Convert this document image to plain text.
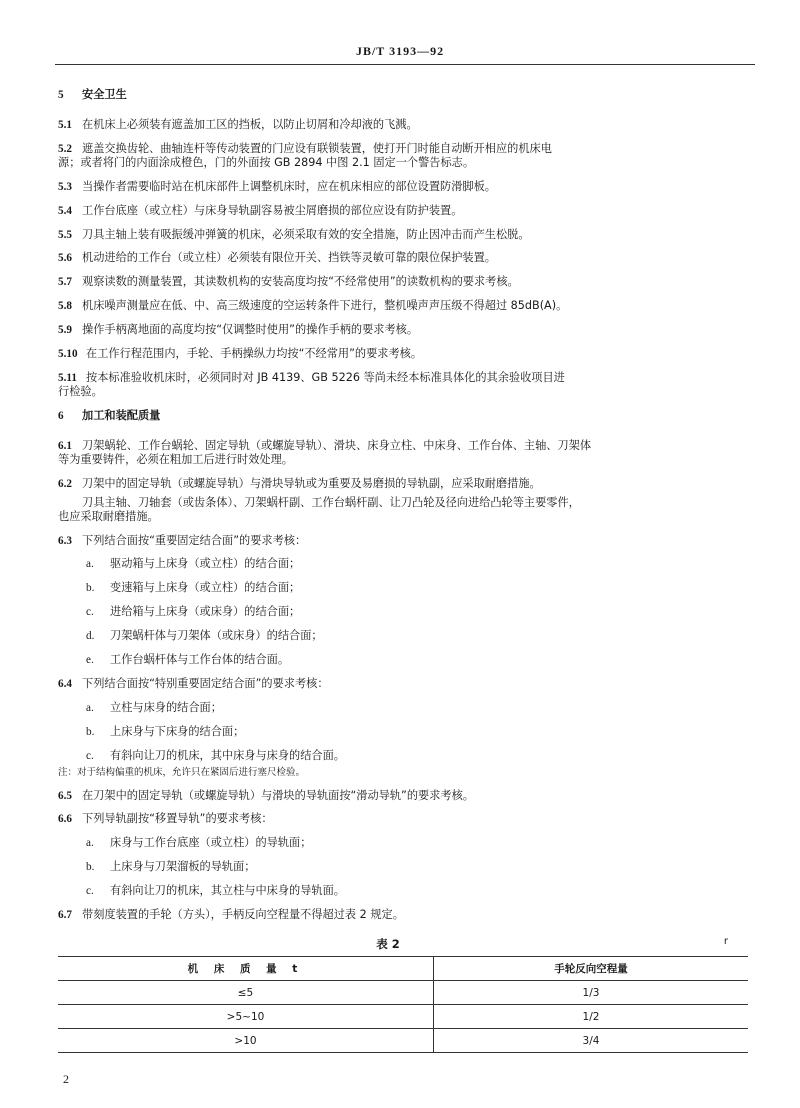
JB/T 3193—92

5 安全卫生

5.1 在机床上必须装有遮盖加工区的挡板，以防止切屑和冷却液的飞溅。

5.2 遮盖交换齿轮、曲轴连杆等传动装置的门应设有联锁装置，使打开门时能自动断开相应的机床电

源；或者将门的内面涂成橙色，门的外面按 GB 2894 中图 2.1 固定一个警告标志。

5.3 当操作者需要临时站在机床部件上调整机床时，应在机床相应的部位设置防滑脚板。

5.4 工作台底座（或立柱）与床身导轨副容易被尘屑磨损的部位应设有防护装置。

5.5 刀具主轴上装有吸振缓冲弹簧的机床，必须采取有效的安全措施，防止因冲击而产生松脱。

5.6 机动进给的工作台（或立柱）必须装有限位开关、挡铁等灵敏可靠的限位保护装置。

5.7 观察读数的测量装置，其读数机构的安装高度均按“不经常使用”的读数机构的要求考核。

5.8 机床噪声测量应在低、中、高三级速度的空运转条件下进行，整机噪声声压级不得超过 85dB(A)。

5.9 操作手柄离地面的高度均按“仅调整时使用”的操作手柄的要求考核。

5.10 在工作行程范围内，手轮、手柄操纵力均按“不经常用”的要求考核。

5.11 按本标准验收机床时，必须同时对 JB 4139、GB 5226 等尚未经本标准具体化的其余验收项目进

行检验。

6 加工和装配质量

6.1 刀架蜗轮、工作台蜗轮、固定导轨（或螺旋导轨）、滑块、床身立柱、中床身、工作台体、主轴、刀架体

等为重要铸件，必须在粗加工后进行时效处理。

6.2 刀架中的固定导轨（或螺旋导轨）与滑块导轨或为重要及易磨损的导轨副，应采取耐磨措施。

刀具主轴、刀轴套（或齿条体）、刀架蜗杆副、工作台蜗杆副、让刀凸轮及径向进给凸轮等主要零件，

也应采取耐磨措施。

6.3 下列结合面按“重要固定结合面”的要求考核：

a. 驱动箱与上床身（或立柱）的结合面；

b. 变速箱与上床身（或立柱）的结合面；

c. 进给箱与上床身（或床身）的结合面；

d. 刀架蜗杆体与刀架体（或床身）的结合面；

e. 工作台蜗杆体与工作台体的结合面。

6.4 下列结合面按“特别重要固定结合面”的要求考核：

a. 立柱与床身的结合面；

b. 上床身与下床身的结合面；

c. 有斜向让刀的机床，其中床身与床身的结合面。

注：对于结构偏重的机床，允许只在紧固后进行塞尺检验。

6.5 在刀架中的固定导轨（或螺旋导轨）与滑块的导轨面按“滑动导轨”的要求考核。

6.6 下列导轨副按“移置导轨”的要求考核：

a. 床身与工作台底座（或立柱）的导轨面；

b. 上床身与刀架溜板的导轨面；

c. 有斜向让刀的机床，其立柱与中床身的导轨面。

6.7 带刻度装置的手轮（方头），手柄反向空程量不得超过表 2 规定。

表 2	r
机 床 质 量 t	手轮反向空程量
≤5	1/3
>5~10	1/2
>10	3/4
2
